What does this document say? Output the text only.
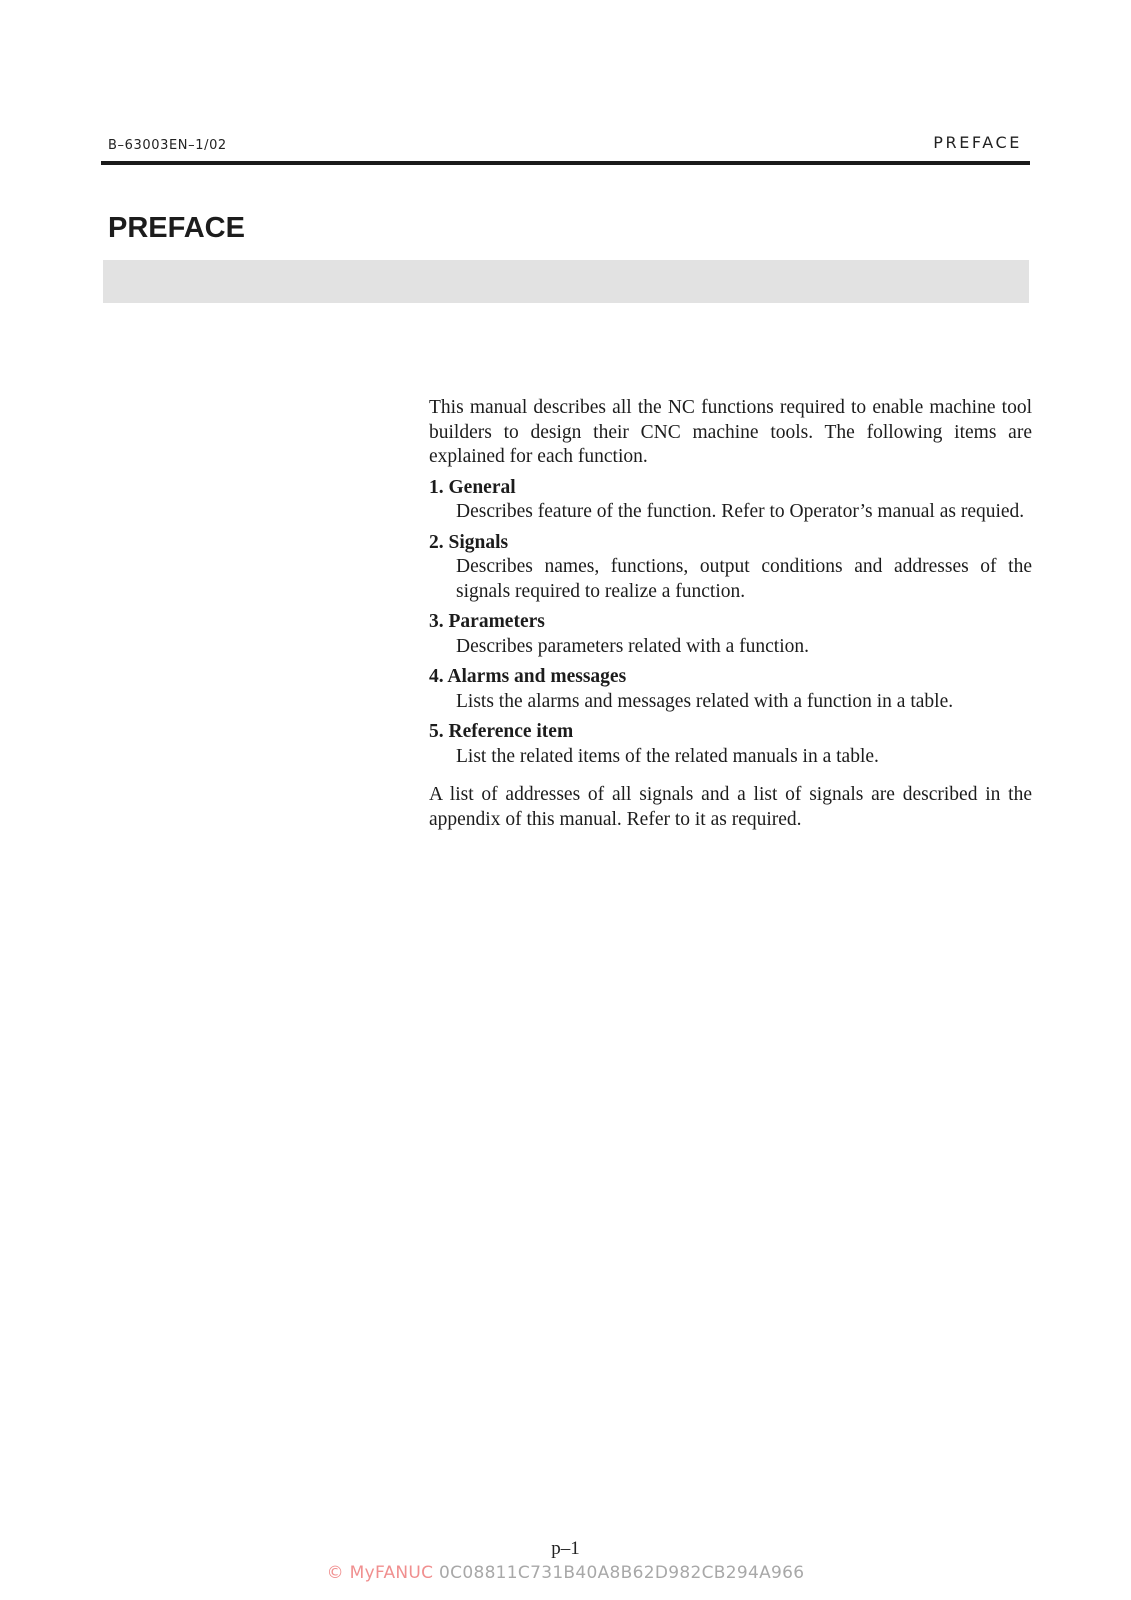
B–63003EN–1/02	PREFACE
PREFACE

This manual describes all the NC functions required to enable machine tool builders to design their CNC machine tools. The following items are explained for each function.

1. General
Describes feature of the function. Refer to Operator’s manual as requied.
2. Signals
Describes names, functions, output conditions and addresses of the signals required to realize a function.
3. Parameters
Describes parameters related with a function.
4. Alarms and messages
Lists the alarms and messages related with a function in a table.
5. Reference item
List the related items of the related manuals in a table.

A list of addresses of all signals and a list of signals are described in the appendix of this manual. Refer to it as required.

p–1
© MyFANUC 0C08811C731B40A8B62D982CB294A966
